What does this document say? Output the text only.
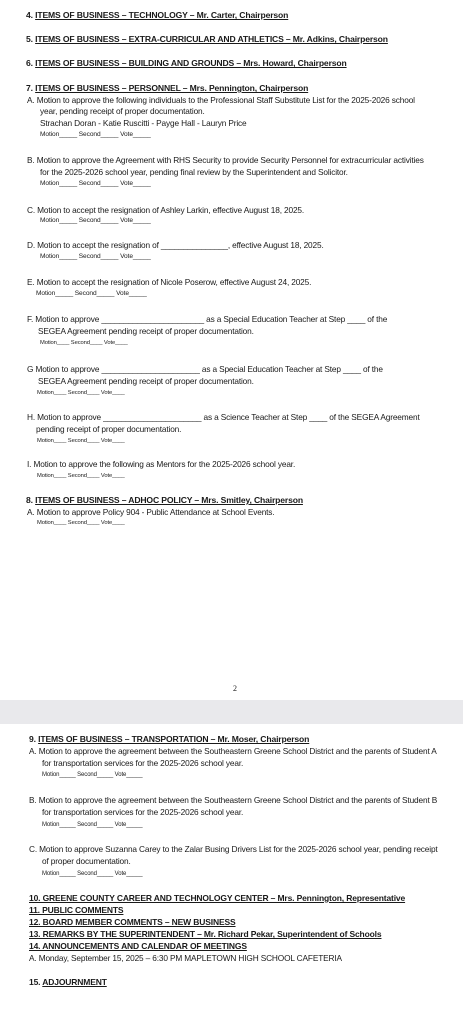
4. ITEMS OF BUSINESS – TECHNOLOGY – Mr. Carter, Chairperson
5. ITEMS OF BUSINESS – EXTRA-CURRICULAR AND ATHLETICS – Mr. Adkins, Chairperson
6. ITEMS OF BUSINESS – BUILDING AND GROUNDS – Mrs. Howard, Chairperson
7. ITEMS OF BUSINESS – PERSONNEL – Mrs. Pennington, Chairperson
A. Motion to approve the following individuals to the Professional Staff Substitute List for the 2025-2026 school
year, pending receipt of proper documentation.
Strachan Doran - Katie Ruscitti - Payge Hall - Lauryn Price
Motion_____ Second_____ Vote_____
B. Motion to approve the Agreement with RHS Security to provide Security Personnel for extracurricular activities
for the 2025-2026 school year, pending final review by the Superintendent and Solicitor.
Motion_____ Second_____ Vote_____
C. Motion to accept the resignation of Ashley Larkin, effective August 18, 2025.
Motion_____ Second_____ Vote_____
D. Motion to accept the resignation of _______________, effective August 18, 2025.
Motion_____ Second_____ Vote_____
E. Motion to accept the resignation of Nicole Poserow, effective August 24, 2025.
Motion_____ Second_____ Vote_____
F. Motion to approve _______________________ as a Special Education Teacher at Step ____ of the
SEGEA Agreement pending receipt of proper documentation.
Motion____ Second____ Vote____
G Motion to approve ______________________ as a Special Education Teacher at Step ____ of the
SEGEA Agreement pending receipt of proper documentation.
Motion____ Second____ Vote____
H. Motion to approve ______________________ as a Science Teacher at Step ____ of the SEGEA Agreement
pending receipt of proper documentation.
Motion____ Second____ Vote____
I. Motion to approve the following as Mentors for the 2025-2026 school year.
Motion____ Second____ Vote____
8. ITEMS OF BUSINESS – ADHOC POLICY – Mrs. Smitley, Chairperson
A. Motion to approve Policy 904 - Public Attendance at School Events.
Motion____ Second____ Vote____
2
9. ITEMS OF BUSINESS – TRANSPORTATION – Mr. Moser, Chairperson
A. Motion to approve the agreement between the Southeastern Greene School District and the parents of Student A
for transportation services for the 2025-2026 school year.
Motion_____ Second_____ Vote_____
B. Motion to approve the agreement between the Southeastern Greene School District and the parents of Student B
for transportation services for the 2025-2026 school year.
Motion_____ Second_____ Vote_____
C. Motion to approve Suzanna Carey to the Zalar Busing Drivers List for the 2025-2026 school year, pending receipt
of proper documentation.
Motion_____ Second_____ Vote_____
10. GREENE COUNTY CAREER AND TECHNOLOGY CENTER – Mrs. Pennington, Representative
11. PUBLIC COMMENTS
12. BOARD MEMBER COMMENTS – NEW BUSINESS
13. REMARKS BY THE SUPERINTENDENT – Mr. Richard Pekar, Superintendent of Schools
14. ANNOUNCEMENTS AND CALENDAR OF MEETINGS
A. Monday, September 15, 2025 – 6:30 PM MAPLETOWN HIGH SCHOOL CAFETERIA
15. ADJOURNMENT
